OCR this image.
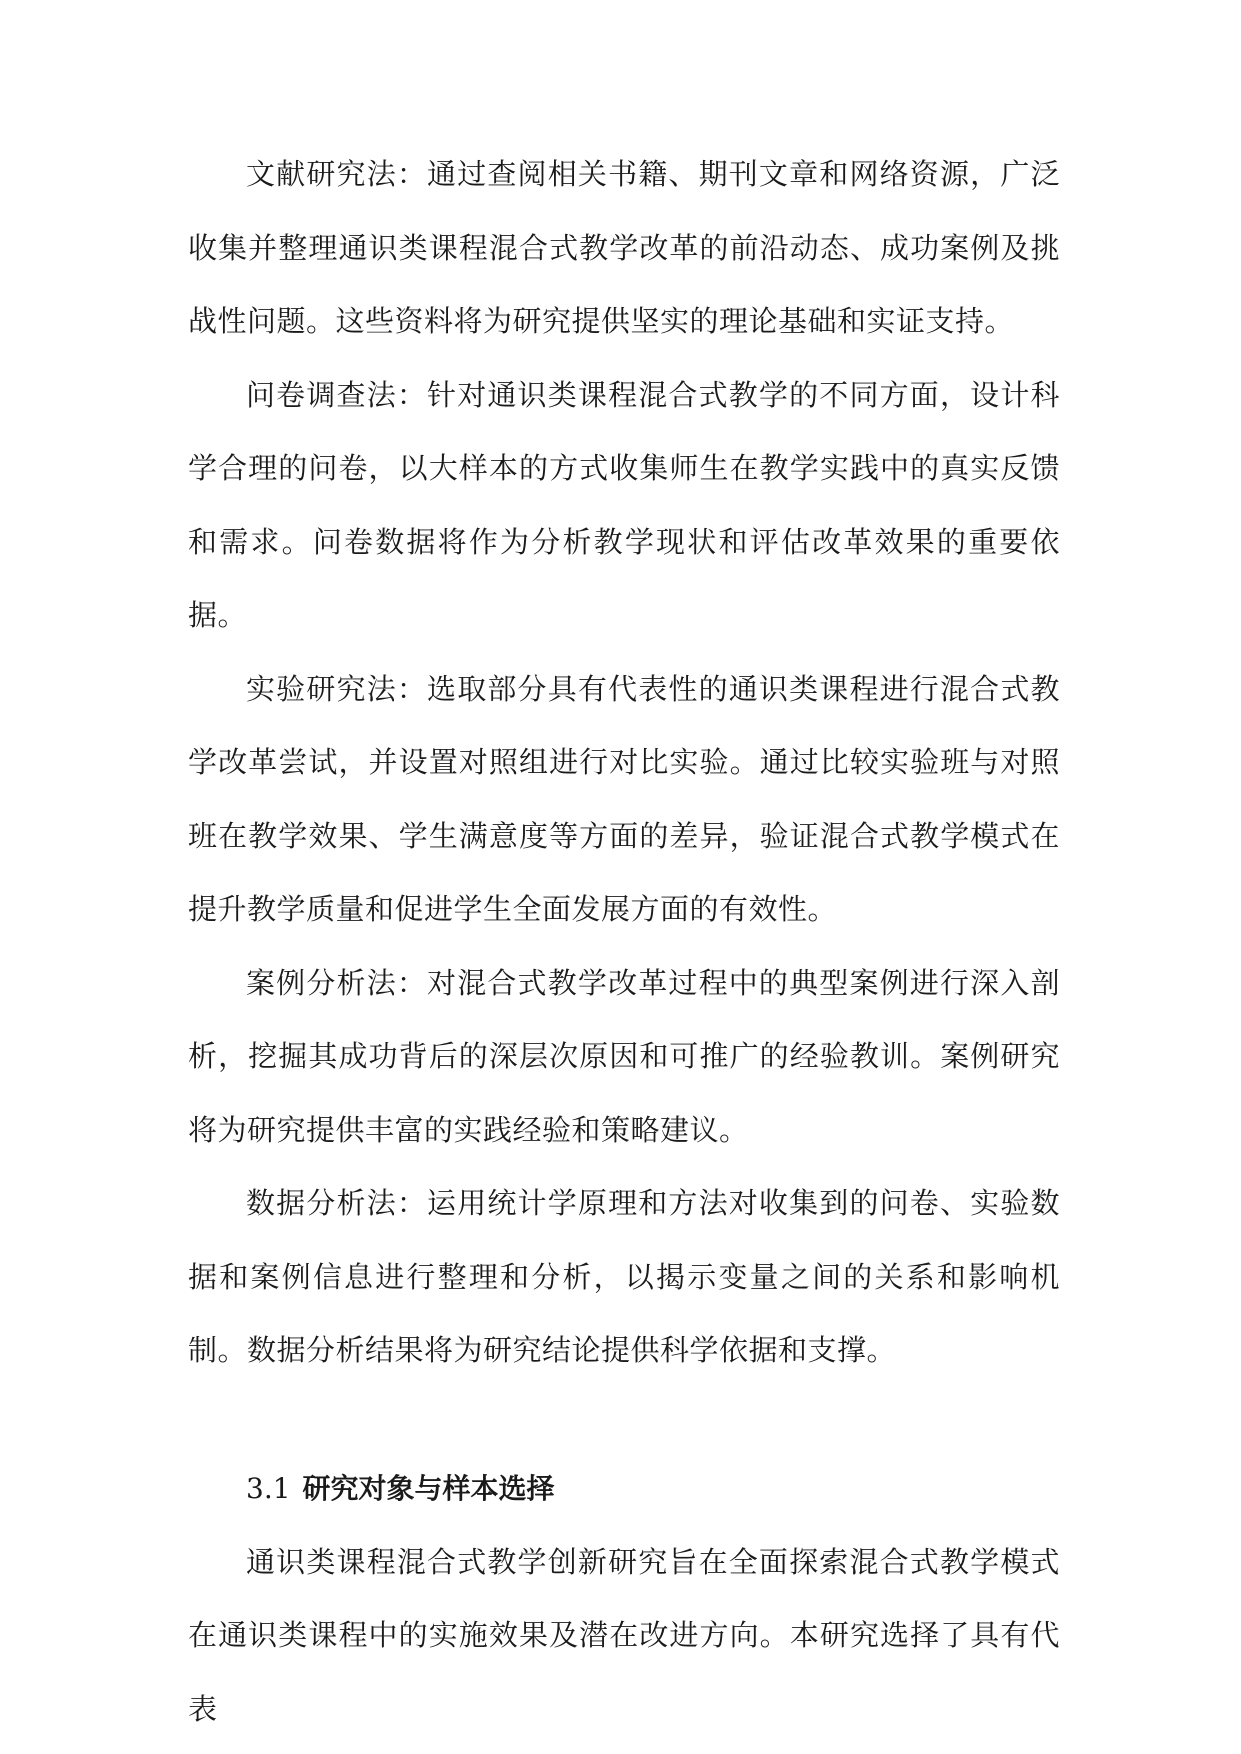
文献研究法：通过查阅相关书籍、期刊文章和网络资源，广泛收集并整理通识类课程混合式教学改革的前沿动态、成功案例及挑战性问题。这些资料将为研究提供坚实的理论基础和实证支持。

问卷调查法：针对通识类课程混合式教学的不同方面，设计科学合理的问卷，以大样本的方式收集师生在教学实践中的真实反馈和需求。问卷数据将作为分析教学现状和评估改革效果的重要依据。

实验研究法：选取部分具有代表性的通识类课程进行混合式教学改革尝试，并设置对照组进行对比实验。通过比较实验班与对照班在教学效果、学生满意度等方面的差异，验证混合式教学模式在提升教学质量和促进学生全面发展方面的有效性。

案例分析法：对混合式教学改革过程中的典型案例进行深入剖析，挖掘其成功背后的深层次原因和可推广的经验教训。案例研究将为研究提供丰富的实践经验和策略建议。

数据分析法：运用统计学原理和方法对收集到的问卷、实验数据和案例信息进行整理和分析，以揭示变量之间的关系和影响机制。数据分析结果将为研究结论提供科学依据和支撑。

3.1 研究对象与样本选择

通识类课程混合式教学创新研究旨在全面探索混合式教学模式在通识类课程中的实施效果及潜在改进方向。本研究选择了具有代表
